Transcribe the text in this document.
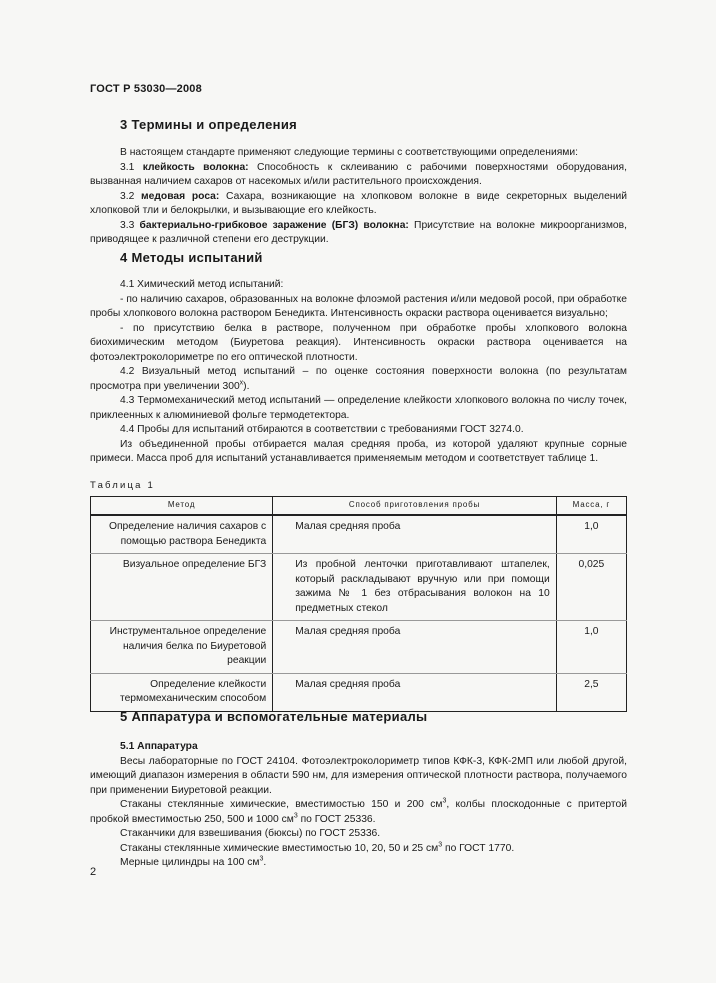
ГОСТ Р 53030—2008
3 Термины и определения

В настоящем стандарте применяют следующие термины с соответствующими определениями:

3.1 клейкость волокна: Способность к склеиванию с рабочими поверхностями оборудования, вызванная наличием сахаров от насекомых и/или растительного происхождения.

3.2 медовая роса: Сахара, возникающие на хлопковом волокне в виде секреторных выделений хлопковой тли и белокрылки, и вызывающие его клейкость.

3.3 бактериально-грибковое заражение (БГЗ) волокна: Присутствие на волокне микроорганизмов, приводящее к различной степени его деструкции.

4 Методы испытаний

4.1 Химический метод испытаний:

- по наличию сахаров, образованных на волокне флоэмой растения и/или медовой росой, при обработке пробы хлопкового волокна раствором Бенедикта. Интенсивность окраски раствора оценивается визуально;

- по присутствию белка в растворе, полученном при обработке пробы хлопкового волокна биохимическим методом (Биуретова реакция). Интенсивность окраски раствора оценивается на фотоэлектроколориметре по его оптической плотности.

4.2 Визуальный метод испытаний – по оценке состояния поверхности волокна (по результатам просмотра при увеличении $300^х$).

4.3 Термомеханический метод испытаний — определение клейкости хлопкового волокна по числу точек, приклеенных к алюминиевой фольге термодетектора.

4.4 Пробы для испытаний отбираются в соответствии с требованиями ГОСТ 3274.0.

Из объединенной пробы отбирается малая средняя проба, из которой удаляют крупные сорные примеси. Масса проб для испытаний устанавливается применяемым методом и соответствует таблице 1.

Таблица 1
Метод	Способ приготовления пробы	Масса, г
Определение наличия сахаров с помощью раствора Бенедикта	Малая средняя проба	1,0
Визуальное определение БГЗ	Из пробной ленточки приготавливают штапелек, который раскладывают вручную или при помощи зажима № 1 без отбрасывания волокон на 10 предметных стекол	0,025
Инструментальное определение наличия белка по Биуретовой реакции	Малая средняя проба	1,0
Определение клейкости термомеханическим способом	Малая средняя проба	2,5
5 Аппаратура и вспомогательные материалы

5.1 Аппаратура

Весы лабораторные по ГОСТ 24104. Фотоэлектроколориметр типов КФК-3, КФК-2МП или любой другой, имеющий диапазон измерения в области 590 нм, для измерения оптической плотности раствора, получаемого при применении Биуретовой реакции.

Стаканы стеклянные химические, вместимостью 150 и 200 $см^3$, колбы плоскодонные с притертой пробкой вместимостью 250, 500 и 1000 $см^3$ по ГОСТ 25336.

Стаканчики для взвешивания (бюксы) по ГОСТ 25336.

Стаканы стеклянные химические вместимостью 10, 20, 50 и 25 $см^3$ по ГОСТ 1770.

Мерные цилиндры на 100 $см^3$.

2
